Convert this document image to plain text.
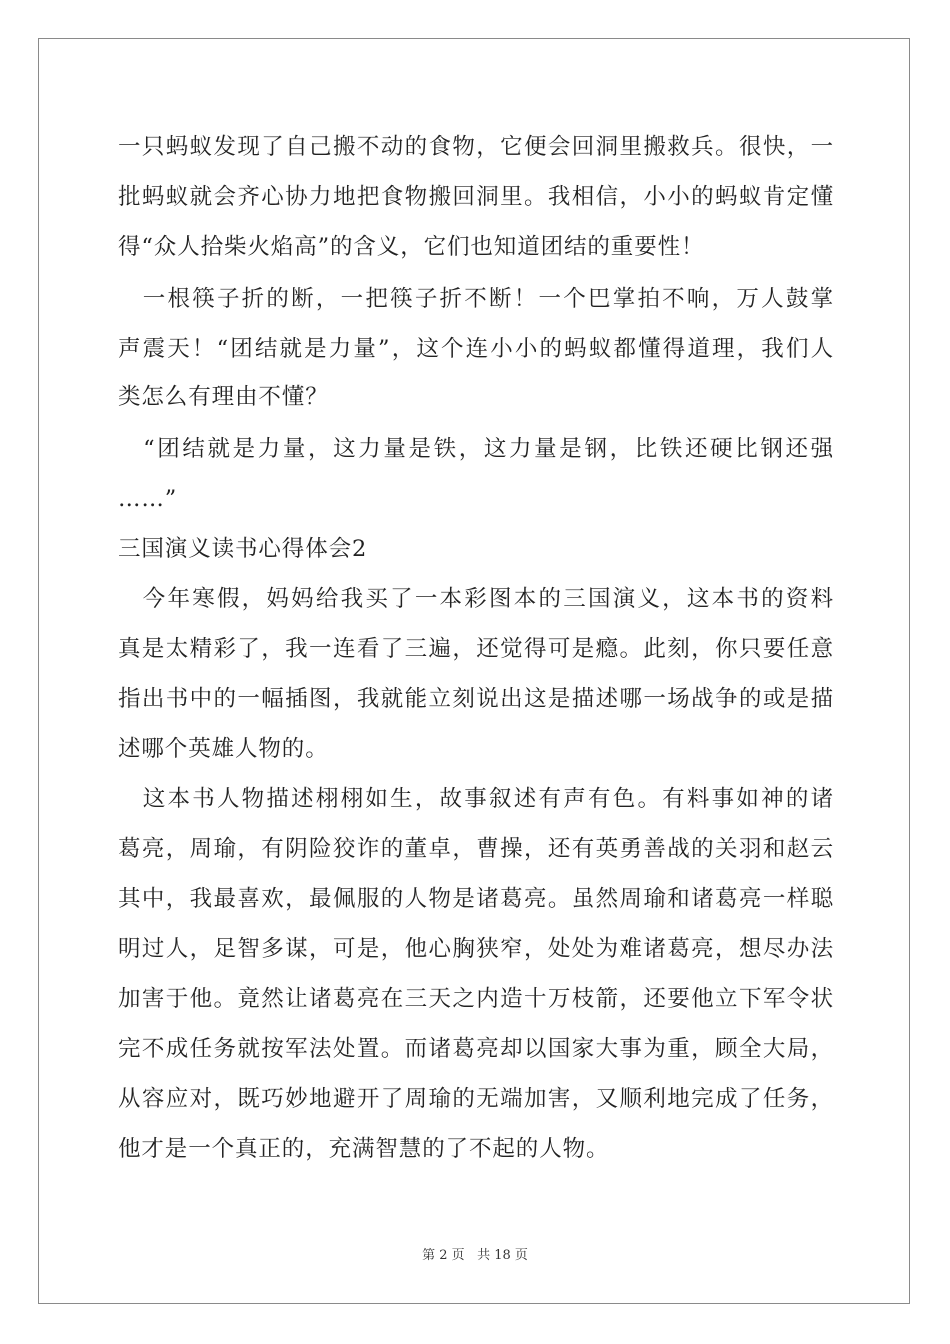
一只蚂蚁发现了自己搬不动的食物，它便会回洞里搬救兵。很快，一
批蚂蚁就会齐心协力地把食物搬回洞里。我相信，小小的蚂蚁肯定懂
得“众人拾柴火焰高”的含义，它们也知道团结的重要性！
　一根筷子折的断，一把筷子折不断！一个巴掌拍不响，万人鼓掌
声震天！“团结就是力量”，这个连小小的蚂蚁都懂得道理，我们人
类怎么有理由不懂？
　“团结就是力量，这力量是铁，这力量是钢，比铁还硬比钢还强
……”
三国演义读书心得体会2
　今年寒假，妈妈给我买了一本彩图本的三国演义，这本书的资料
真是太精彩了，我一连看了三遍，还觉得可是瘾。此刻，你只要任意
指出书中的一幅插图，我就能立刻说出这是描述哪一场战争的或是描
述哪个英雄人物的。
　这本书人物描述栩栩如生，故事叙述有声有色。有料事如神的诸
葛亮，周瑜，有阴险狡诈的董卓，曹操，还有英勇善战的关羽和赵云
其中，我最喜欢，最佩服的人物是诸葛亮。虽然周瑜和诸葛亮一样聪
明过人，足智多谋，可是，他心胸狭窄，处处为难诸葛亮，想尽办法
加害于他。竟然让诸葛亮在三天之内造十万枝箭，还要他立下军令状
完不成任务就按军法处置。而诸葛亮却以国家大事为重，顾全大局，
从容应对，既巧妙地避开了周瑜的无端加害，又顺利地完成了任务，
他才是一个真正的，充满智慧的了不起的人物。
第 2 页 共 18 页
